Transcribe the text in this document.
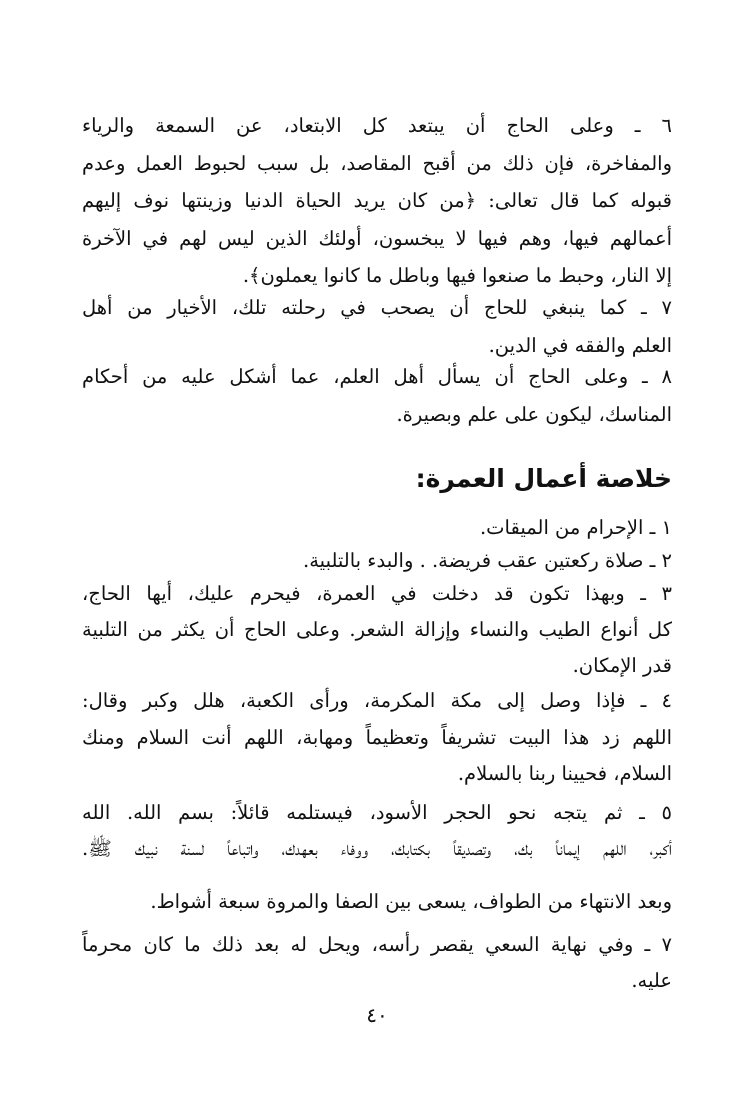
٦ ـ وعلى الحاج أن يبتعد كل الابتعاد، عن السمعة والرياء
والمفاخرة، فإن ذلك من أقبح المقاصد، بل سبب لحبوط العمل وعدم
قبوله كما قال تعالى: ﴿من كان يريد الحياة الدنيا وزينتها نوف إليهم
أعمالهم فيها، وهم فيها لا يبخسون، أولئك الذين ليس لهم في الآخرة
إلا النار، وحبط ما صنعوا فيها وباطل ما كانوا يعملون﴾.
٧ ـ كما ينبغي للحاج أن يصحب في رحلته تلك، الأخيار من أهل
العلم والفقه في الدين.
٨ ـ وعلى الحاج أن يسأل أهل العلم، عما أشكل عليه من أحكام
المناسك، ليكون على علم وبصيرة.
خلاصة أعمال العمرة:
١ ـ الإحرام من الميقات.
٢ ـ صلاة ركعتين عقب فريضة. . والبدء بالتلبية.
٣ ـ وبهذا تكون قد دخلت في العمرة، فيحرم عليك، أيها الحاج،
كل أنواع الطيب والنساء وإزالة الشعر. وعلى الحاج أن يكثر من التلبية
قدر الإمكان.
٤ ـ فإذا وصل إلى مكة المكرمة، ورأى الكعبة، هلل وكبر وقال:
اللهم زد هذا البيت تشريفاً وتعظيماً ومهابة، اللهم أنت السلام ومنك
السلام، فحيينا ربنا بالسلام.
٥ ـ ثم يتجه نحو الحجر الأسود، فيستلمه قائلاً: بسم الله. الله
أكبر، اللهم إيماناً بك، وتصديقاً بكتابك، ووفاء بعهدك، واتباعاً لسنة نبيك ﷺ.
وبعد الانتهاء من الطواف، يسعى بين الصفا والمروة سبعة أشواط.
٧ ـ وفي نهاية السعي يقصر رأسه، ويحل له بعد ذلك ما كان محرماً
عليه.
٤٠
